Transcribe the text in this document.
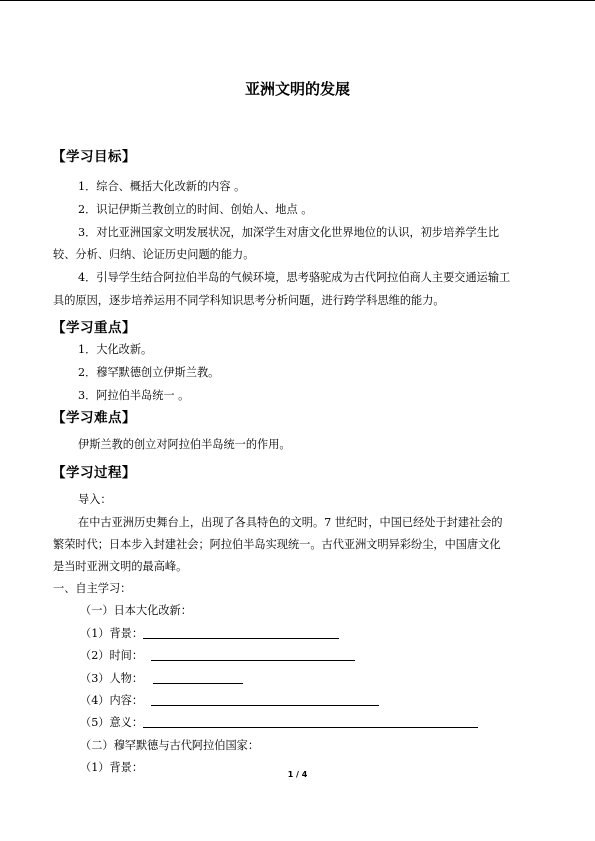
亚洲文明的发展
【学习目标】
1．综合、概括大化改新的内容 。
2．识记伊斯兰教创立的时间、创始人、地点 。
3．对比亚洲国家文明发展状况，加深学生对唐文化世界地位的认识，初步培养学生比
较、分析、归纳、论证历史问题的能力。
4．引导学生结合阿拉伯半岛的气候环境，思考骆驼成为古代阿拉伯商人主要交通运输工
具的原因，逐步培养运用不同学科知识思考分析问题，进行跨学科思维的能力。
【学习重点】
1．大化改新。
2．穆罕默德创立伊斯兰教。
3．阿拉伯半岛统一 。
【学习难点】
伊斯兰教的创立对阿拉伯半岛统一的作用。
【学习过程】
导入：
在中古亚洲历史舞台上，出现了各具特色的文明。7 世纪时，中国已经处于封建社会的
繁荣时代；日本步入封建社会；阿拉伯半岛实现统一。古代亚洲文明异彩纷尘，中国唐文化
是当时亚洲文明的最高峰。
一、自主学习：
（一）日本大化改新：
（1）背景：
（2）时间：
（3）人物：
（4）内容：
（5）意义：
（二）穆罕默德与古代阿拉伯国家：
（1）背景：
1 / 4
